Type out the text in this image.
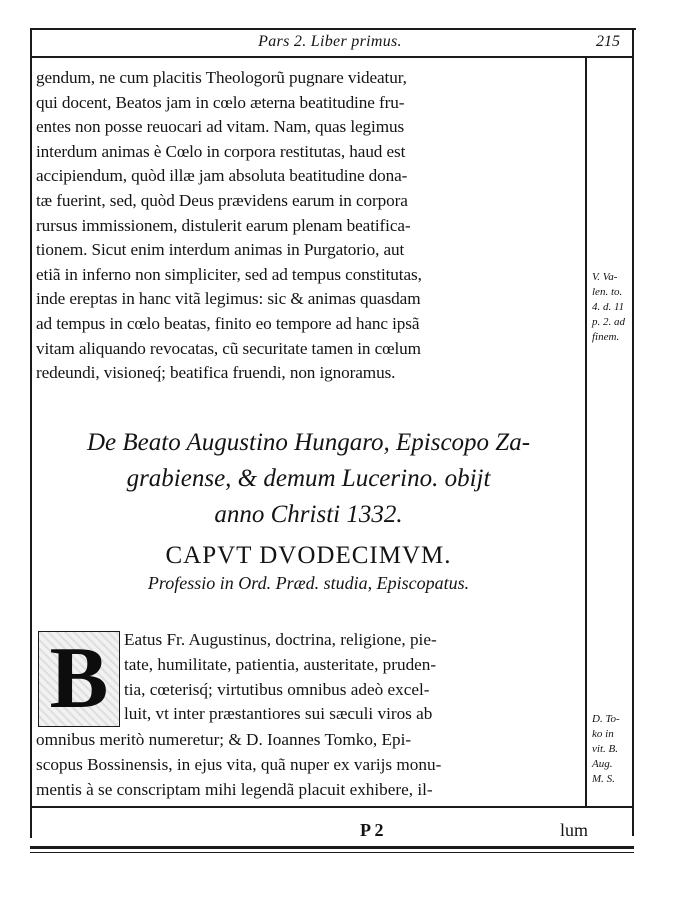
Pars 2. Liber primus.	215
gendum, ne cum placitis Theologorũ pugnare videatur,
qui docent, Beatos jam in cœlo æterna beatitudine fru-
entes non posse reuocari ad vitam. Nam, quas legimus
interdum animas è Cœlo in corpora restitutas, haud est
accipiendum, quòd illæ jam absoluta beatitudine dona-
tæ fuerint, sed, quòd Deus prævidens earum in corpora
rursus immissionem, distulerit earum plenam beatifica-
tionem. Sicut enim interdum animas in Purgatorio, aut
etiã in inferno non simpliciter, sed ad tempus constitutas,
inde ereptas in hanc vitã legimus: sic & animas quasdam
ad tempus in cœlo beatas, finito eo tempore ad hanc ipsã
vitam aliquando revocatas, cũ securitate tamen in cœlum
redeundi, visioneq́; beatifica fruendi, non ignoramus.
De Beato Augustino Hungaro, Episcopo Za-
grabiense, & demum Lucerino. obijt
anno Christi 1332.
CAPVT DVODECIMVM.
Professio in Ord. Præd. studia, Episcopatus.
B Eatus Fr. Augustinus, doctrina, religione, pie-
tate, humilitate, patientia, austeritate, pruden-
tia, cœterisq́; virtutibus omnibus adeò excel-
luit, vt inter præstantiores sui sæculi viros ab
omnibus meritò numeretur; & D. Ioannes Tomko, Epi-
scopus Bossinensis, in ejus vita, quã nuper ex varijs monu-
mentis à se conscriptam mihi legendã placuit exhibere, il-
V. Va-
len. to.
4. d. 11
p. 2. ad
finem.
D. To-
ko in
vit. B.
Aug.
M. S.
P 2	lum
